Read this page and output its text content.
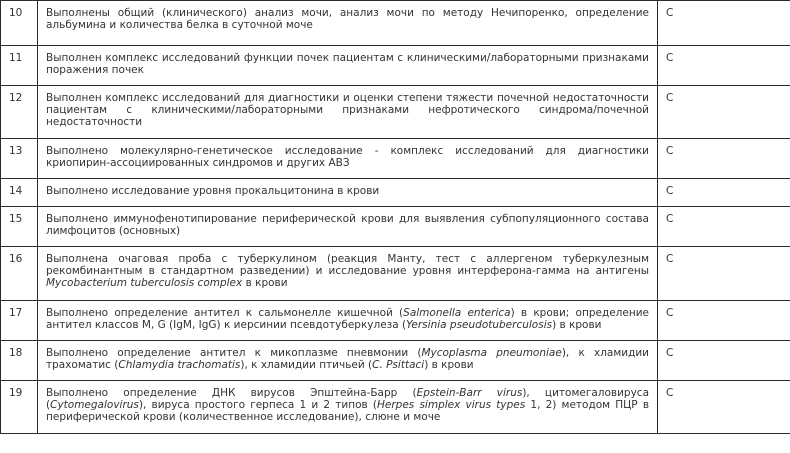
10	Выполнены общий (клинического) анализ мочи, анализ мочи по методу Нечипоренко, определение альбумина и количества белка в суточной моче	C
11	Выполнен комплекс исследований функции почек пациентам с клиническими/лабораторными признаками поражения почек	C
12	Выполнен комплекс исследований для диагностики и оценки степени тяжести почечной недостаточности пациентам с клиническими/лабораторными признаками нефротического синдрома/почечной недостаточности	C
13	Выполнено молекулярно-генетическое исследование - комплекс исследований для диагностики криопирин-ассоциированных синдромов и других АВЗ	C
14	Выполнено исследование уровня прокальцитонина в крови	C
15	Выполнено иммунофенотипирование периферической крови для выявления субпопуляционного состава лимфоцитов (основных)	C
16	Выполнена очаговая проба с туберкулином (реакция Манту, тест с аллергеном туберкулезным рекомбинантным в стандартном разведении) и исследование уровня интерферона-гамма на антигены Mycobacterium tuberculosis complex в крови	C
17	Выполнено определение антител к сальмонелле кишечной (Salmonella enterica) в крови; определение антител классов M, G (IgM, IgG) к иерсинии псевдотуберкулеза (Yersinia pseudotuberculosis) в крови	C
18	Выполнено определение антител к микоплазме пневмонии (Mycoplasma pneumoniae), к хламидии трахоматис (Chlamydia trachomatis), к хламидии птичьей (C. Psittaci) в крови	C
19	Выполнено определение ДНК вирусов Эпштейна-Барр (Epstein-Barr virus), цитомегаловируса (Cytomegalovirus), вируса простого герпеса 1 и 2 типов (Herpes simplex virus types 1, 2) методом ПЦР в периферической крови (количественное исследование), слюне и моче	C
